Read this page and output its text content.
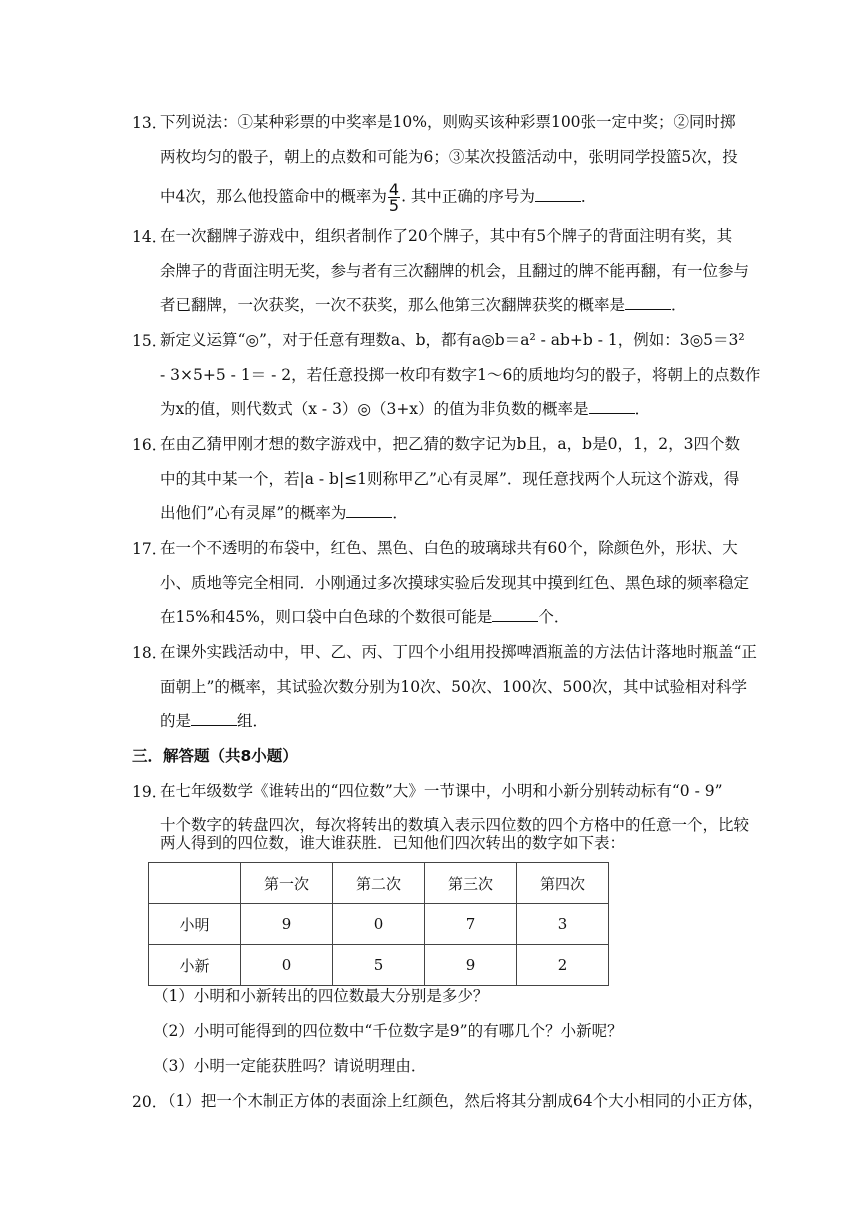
13．
下列说法：①某种彩票的中奖率是10%，则购买该种彩票100张一定中奖；②同时掷
两枚均匀的骰子，朝上的点数和可能为6；③某次投篮活动中，张明同学投篮5次，投
中4次，那么他投篮命中的概率为 $\frac{4}{5}$ . 其中正确的序号为	．
14．
在一次翻牌子游戏中，组织者制作了20个牌子，其中有5个牌子的背面注明有奖，其
余牌子的背面注明无奖，参与者有三次翻牌的机会，且翻过的牌不能再翻，有一位参与
者已翻牌，一次获奖，一次不获奖，那么他第三次翻牌获奖的概率是	．
15．
新定义运算“◎”，对于任意有理数a、b，都有a◎b＝a² - ab+b - 1，例如：3◎5＝3²
- 3×5+5 - 1＝ - 2，若任意投掷一枚印有数字1～6的质地均匀的骰子，将朝上的点数作
为x的值，则代数式（x - 3）◎（3+x）的值为非负数的概率是	．
16．
在由乙猜甲刚才想的数字游戏中，把乙猜的数字记为b且，a，b是0，1，2，3四个数
中的其中某一个，若|a - b|≤1则称甲乙”心有灵犀”．现任意找两个人玩这个游戏，得
出他们”心有灵犀”的概率为	．
17．
在一个不透明的布袋中，红色、黑色、白色的玻璃球共有60个，除颜色外，形状、大
小、质地等完全相同．小刚通过多次摸球实验后发现其中摸到红色、黑色球的频率稳定
在15%和45%，则口袋中白色球的个数很可能是	个．
18．
在课外实践活动中，甲、乙、丙、丁四个小组用投掷啤酒瓶盖的方法估计落地时瓶盖“正
面朝上”的概率，其试验次数分别为10次、50次、100次、500次，其中试验相对科学
的是	组．
三．解答题（共8小题）
19．
在七年级数学《谁转出的“四位数”大》一节课中，小明和小新分别转动标有“0 - 9”
十个数字的转盘四次，每次将转出的数填入表示四位数的四个方格中的任意一个，比较
两人得到的四位数，谁大谁获胜．已知他们四次转出的数字如下表：
	第一次	第二次	第三次	第四次
小明	9	0	7	3
小新	0	5	9	2
（1）小明和小新转出的四位数最大分别是多少？
（2）小明可能得到的四位数中“千位数字是9”的有哪几个？小新呢？
（3）小明一定能获胜吗？请说明理由．
20．
（1）把一个木制正方体的表面涂上红颜色，然后将其分割成64个大小相同的小正方体，
